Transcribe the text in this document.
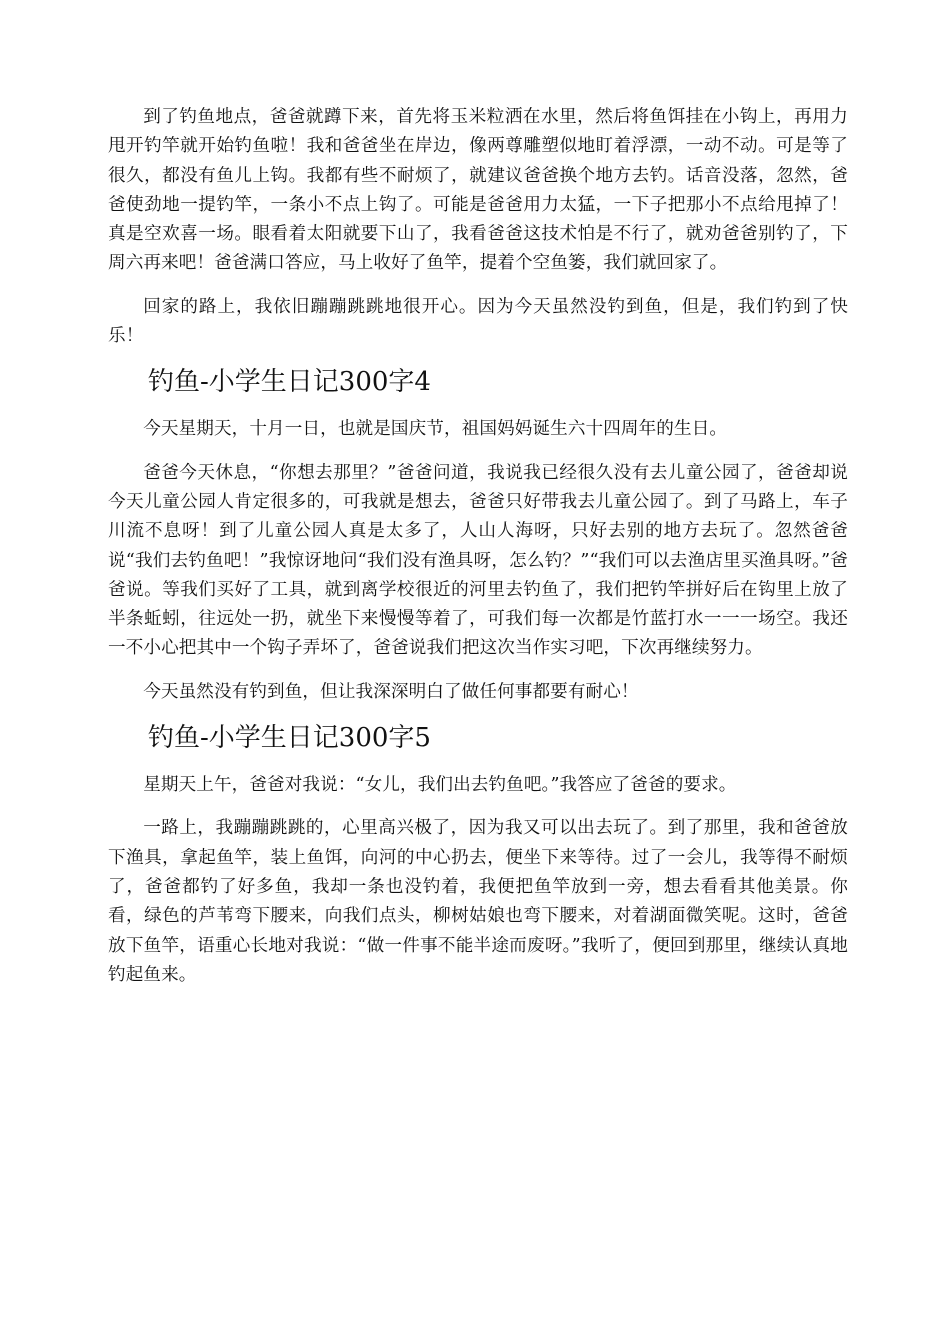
到了钓鱼地点，爸爸就蹲下来，首先将玉米粒洒在水里，然后将鱼饵挂在小钩上，再用力甩开钓竿就开始钓鱼啦！我和爸爸坐在岸边，像两尊雕塑似地盯着浮漂，一动不动。可是等了很久，都没有鱼儿上钩。我都有些不耐烦了，就建议爸爸换个地方去钓。话音没落，忽然，爸爸使劲地一提钓竿，一条小不点上钩了。可能是爸爸用力太猛，一下子把那小不点给甩掉了！真是空欢喜一场。眼看着太阳就要下山了，我看爸爸这技术怕是不行了，就劝爸爸别钓了，下周六再来吧！爸爸满口答应，马上收好了鱼竿，提着个空鱼篓，我们就回家了。

回家的路上，我依旧蹦蹦跳跳地很开心。因为今天虽然没钓到鱼，但是，我们钓到了快乐！

钓鱼-小学生日记300字4

今天星期天，十月一日，也就是国庆节，祖国妈妈诞生六十四周年的生日。

爸爸今天休息，“你想去那里？”爸爸问道，我说我已经很久没有去儿童公园了，爸爸却说今天儿童公园人肯定很多的，可我就是想去，爸爸只好带我去儿童公园了。到了马路上，车子川流不息呀！到了儿童公园人真是太多了，人山人海呀，只好去别的地方去玩了。忽然爸爸说“我们去钓鱼吧！”我惊讶地问“我们没有渔具呀，怎么钓？”“我们可以去渔店里买渔具呀。”爸爸说。等我们买好了工具，就到离学校很近的河里去钓鱼了，我们把钓竿拼好后在钩里上放了半条蚯蚓，往远处一扔，就坐下来慢慢等着了，可我们每一次都是竹蓝打水一一一场空。我还一不小心把其中一个钩子弄坏了，爸爸说我们把这次当作实习吧，下次再继续努力。

今天虽然没有钓到鱼，但让我深深明白了做任何事都要有耐心！

钓鱼-小学生日记300字5

星期天上午，爸爸对我说：“女儿，我们出去钓鱼吧。”我答应了爸爸的要求。

一路上，我蹦蹦跳跳的，心里高兴极了，因为我又可以出去玩了。到了那里，我和爸爸放下渔具，拿起鱼竿，装上鱼饵，向河的中心扔去，便坐下来等待。过了一会儿，我等得不耐烦了，爸爸都钓了好多鱼，我却一条也没钓着，我便把鱼竿放到一旁，想去看看其他美景。你看，绿色的芦苇弯下腰来，向我们点头，柳树姑娘也弯下腰来，对着湖面微笑呢。这时，爸爸放下鱼竿，语重心长地对我说：“做一件事不能半途而废呀。”我听了，便回到那里，继续认真地钓起鱼来。
